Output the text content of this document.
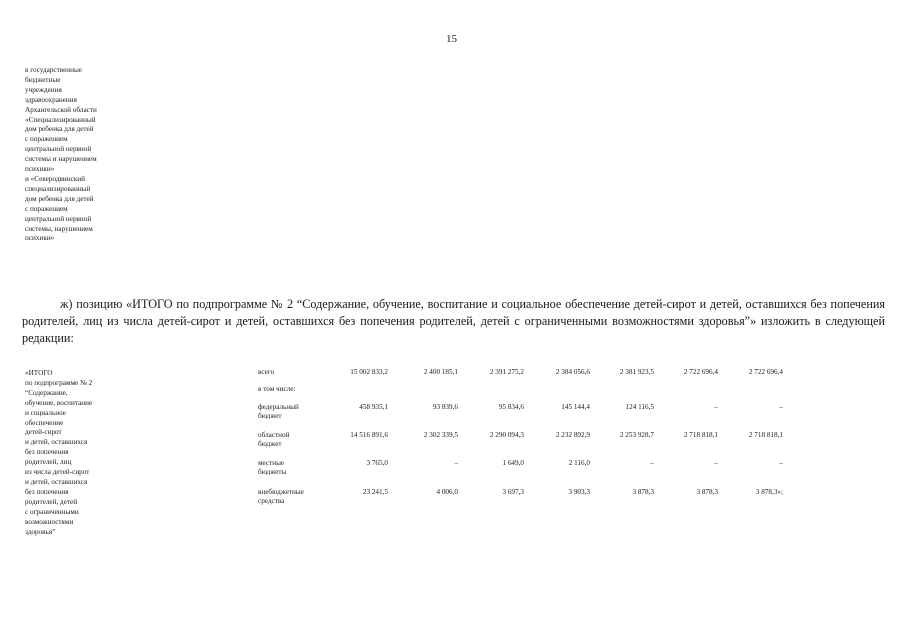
15
в государственные
бюджетные
учреждения
здравоохранения
Архангельской области
«Специализированный
дом ребенка для детей
с поражением
центральной нервной
системы и нарушением
психики»
и «Северодвинский
специализированный
дом ребенка для детей
с поражением
центральной нервной
системы, нарушением
психики»

ж) позицию «ИТОГО по подпрограмме № 2 “Содержание, обучение, воспитание и социальное обеспечение детей-сирот и детей, оставшихся без попечения родителей, лиц из числа детей-сирот и детей, оставшихся без попечения родителей, детей с ограниченными возможностями здоровья”» изложить в следующей редакции:

«ИТОГО
по подпрограмме № 2
“Содержание,
обучение, воспитание
и социальное
обеспечение
детей-сирот
и детей, оставшихся
без попечения
родителей, лиц
из числа детей-сирот
и детей, оставшихся
без попечения
родителей, детей
с ограниченными
возможностями
здоровья”
всего	15 002 833,2	2 400 185,1	2 391 275,2	2 384 056,6	2 381 923,5	2 722 696,4	2 722 696,4
в том числе:
федеральный
бюджет
458 935,1	93 839,6	95 834,6	145 144,4	124 116,5	–	–
областной
бюджет
14 516 891,6	2 302 339,5	2 290 094,3	2 232 892,9	2 253 928,7	2 718 818,1	2 718 818,1
местные
бюджеты
3 765,0	–	1 649,0	2 116,0	–	–	–
внебюджетные
средства
23 241,5	4 006,0	3 697,3	3 903,3	3 878,3	3 878,3	3 878,3»;
